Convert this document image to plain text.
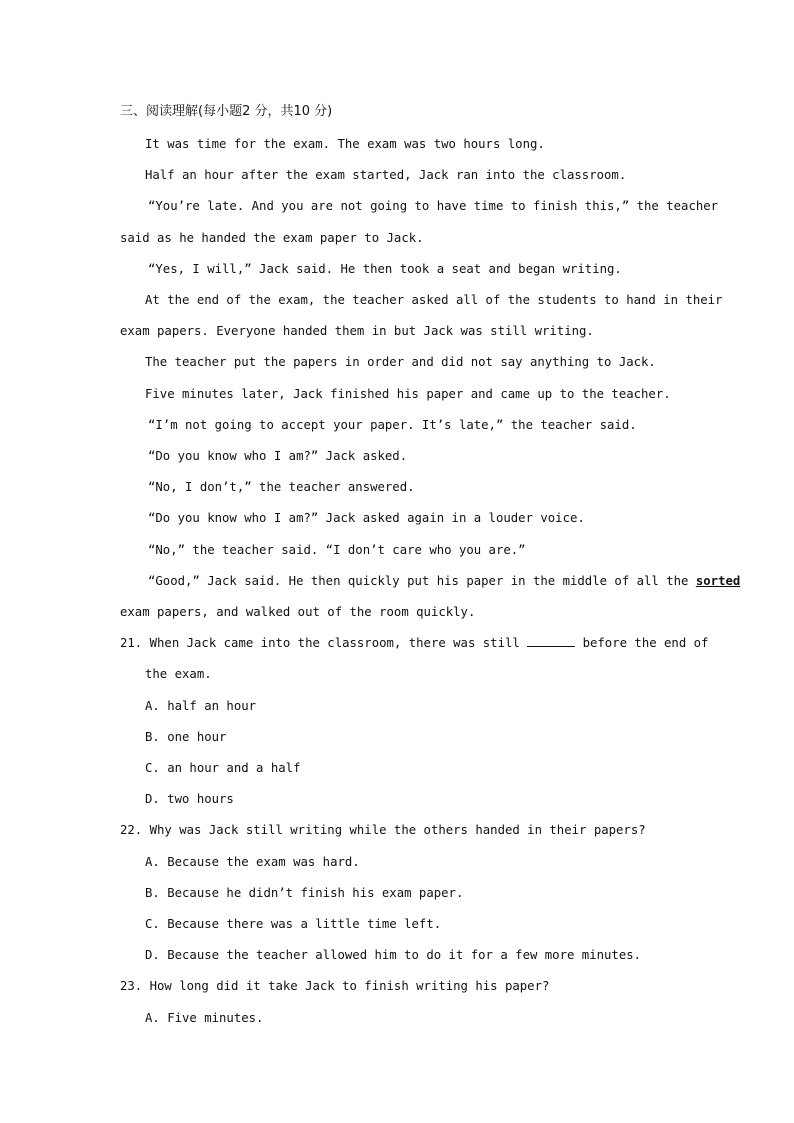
三、阅读理解(每小题2 分，共10 分)
It was time for the exam. The exam was two hours long.
Half an hour after the exam started, Jack ran into the classroom.
“You’re late. And you are not going to have time to finish this,” the teacher
said as he handed the exam paper to Jack.
“Yes, I will,” Jack said. He then took a seat and began writing.
At the end of the exam, the teacher asked all of the students to hand in their
exam papers. Everyone handed them in but Jack was still writing.
The teacher put the papers in order and did not say anything to Jack.
Five minutes later, Jack finished his paper and came up to the teacher.
“I’m not going to accept your paper. It’s late,” the teacher said.
“Do you know who I am?” Jack asked.
“No, I don’t,” the teacher answered.
“Do you know who I am?” Jack asked again in a louder voice.
“No,” the teacher said. “I don’t care who you are.”
“Good,” Jack said. He then quickly put his paper in the middle of all the sorted
exam papers, and walked out of the room quickly.
21. When Jack came into the classroom, there was still	before the end of
the exam.
A. half an hour
B. one hour
C. an hour and a half
D. two hours
22. Why was Jack still writing while the others handed in their papers?
A. Because the exam was hard.
B. Because he didn’t finish his exam paper.
C. Because there was a little time left.
D. Because the teacher allowed him to do it for a few more minutes.
23. How long did it take Jack to finish writing his paper?
A. Five minutes.
